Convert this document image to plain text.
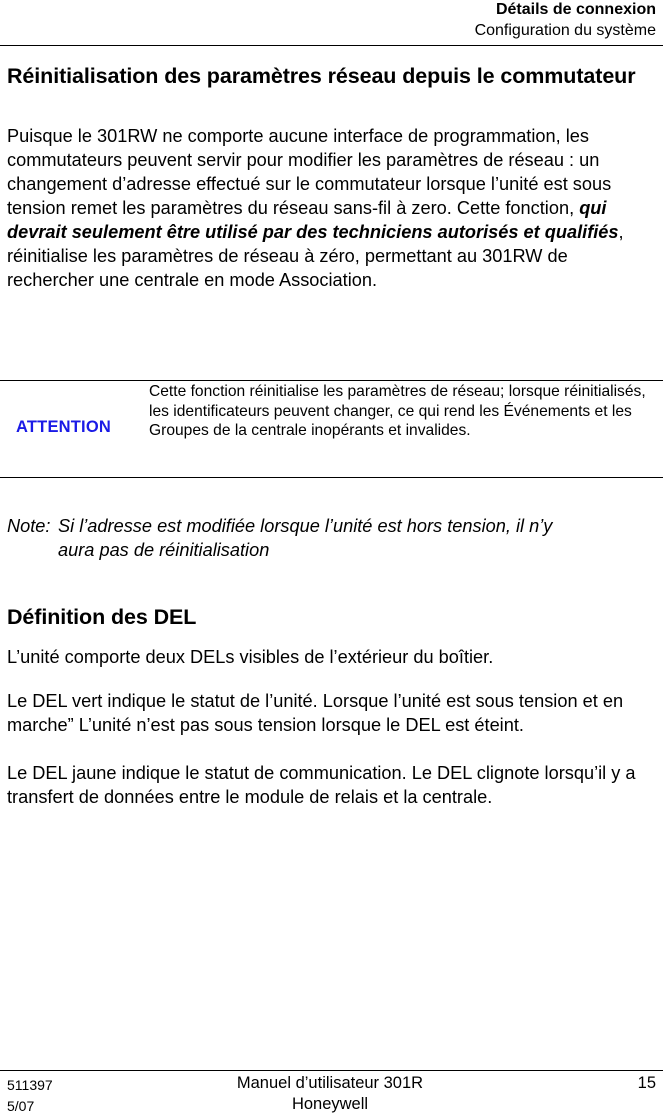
Détails de connexion
Configuration du système
Réinitialisation des paramètres réseau depuis le commutateur

Puisque le 301RW ne comporte aucune interface de programmation, les commutateurs peuvent servir pour modifier les paramètres de réseau : un changement d’adresse effectué sur le commutateur lorsque l’unité est sous tension remet les paramètres du réseau sans-fil à zero. Cette fonction, qui devrait seulement être utilisé par des techniciens autorisés et qualifiés, réinitialise les paramètres de réseau à zéro, permettant au 301RW de rechercher une centrale en mode Association.

ATTENTION
Cette fonction réinitialise les paramètres de réseau; lorsque réinitialisés, les identificateurs peuvent changer, ce qui rend les Événements et les Groupes de la centrale inopérants et invalides.
Note: Si l’adresse est modifiée lorsque l’unité est hors tension, il n’y
aura pas de réinitialisation
Définition des DEL

L’unité comporte deux DELs visibles de l’extérieur du boîtier.

Le DEL vert indique le statut de l’unité. Lorsque l’unité est sous tension et en marche” L’unité n’est pas sous tension lorsque le DEL est éteint.

Le DEL jaune indique le statut de communication. Le DEL clignote lorsqu’il y a transfert de données entre le module de relais et la centrale.

511397
5/07
Manuel d’utilisateur 301R
Honeywell
15
